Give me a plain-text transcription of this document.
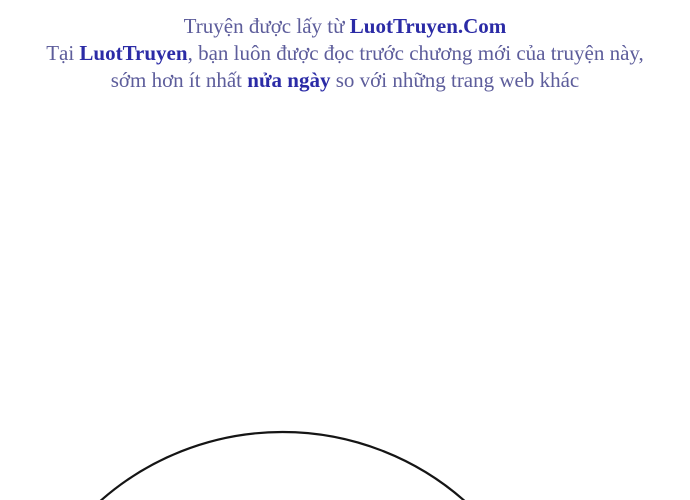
Truyện được lấy từ LuotTruyen.Com

Tại LuotTruyen, bạn luôn được đọc trước chương mới của truyện này,

sớm hơn ít nhất nửa ngày so với những trang web khác
